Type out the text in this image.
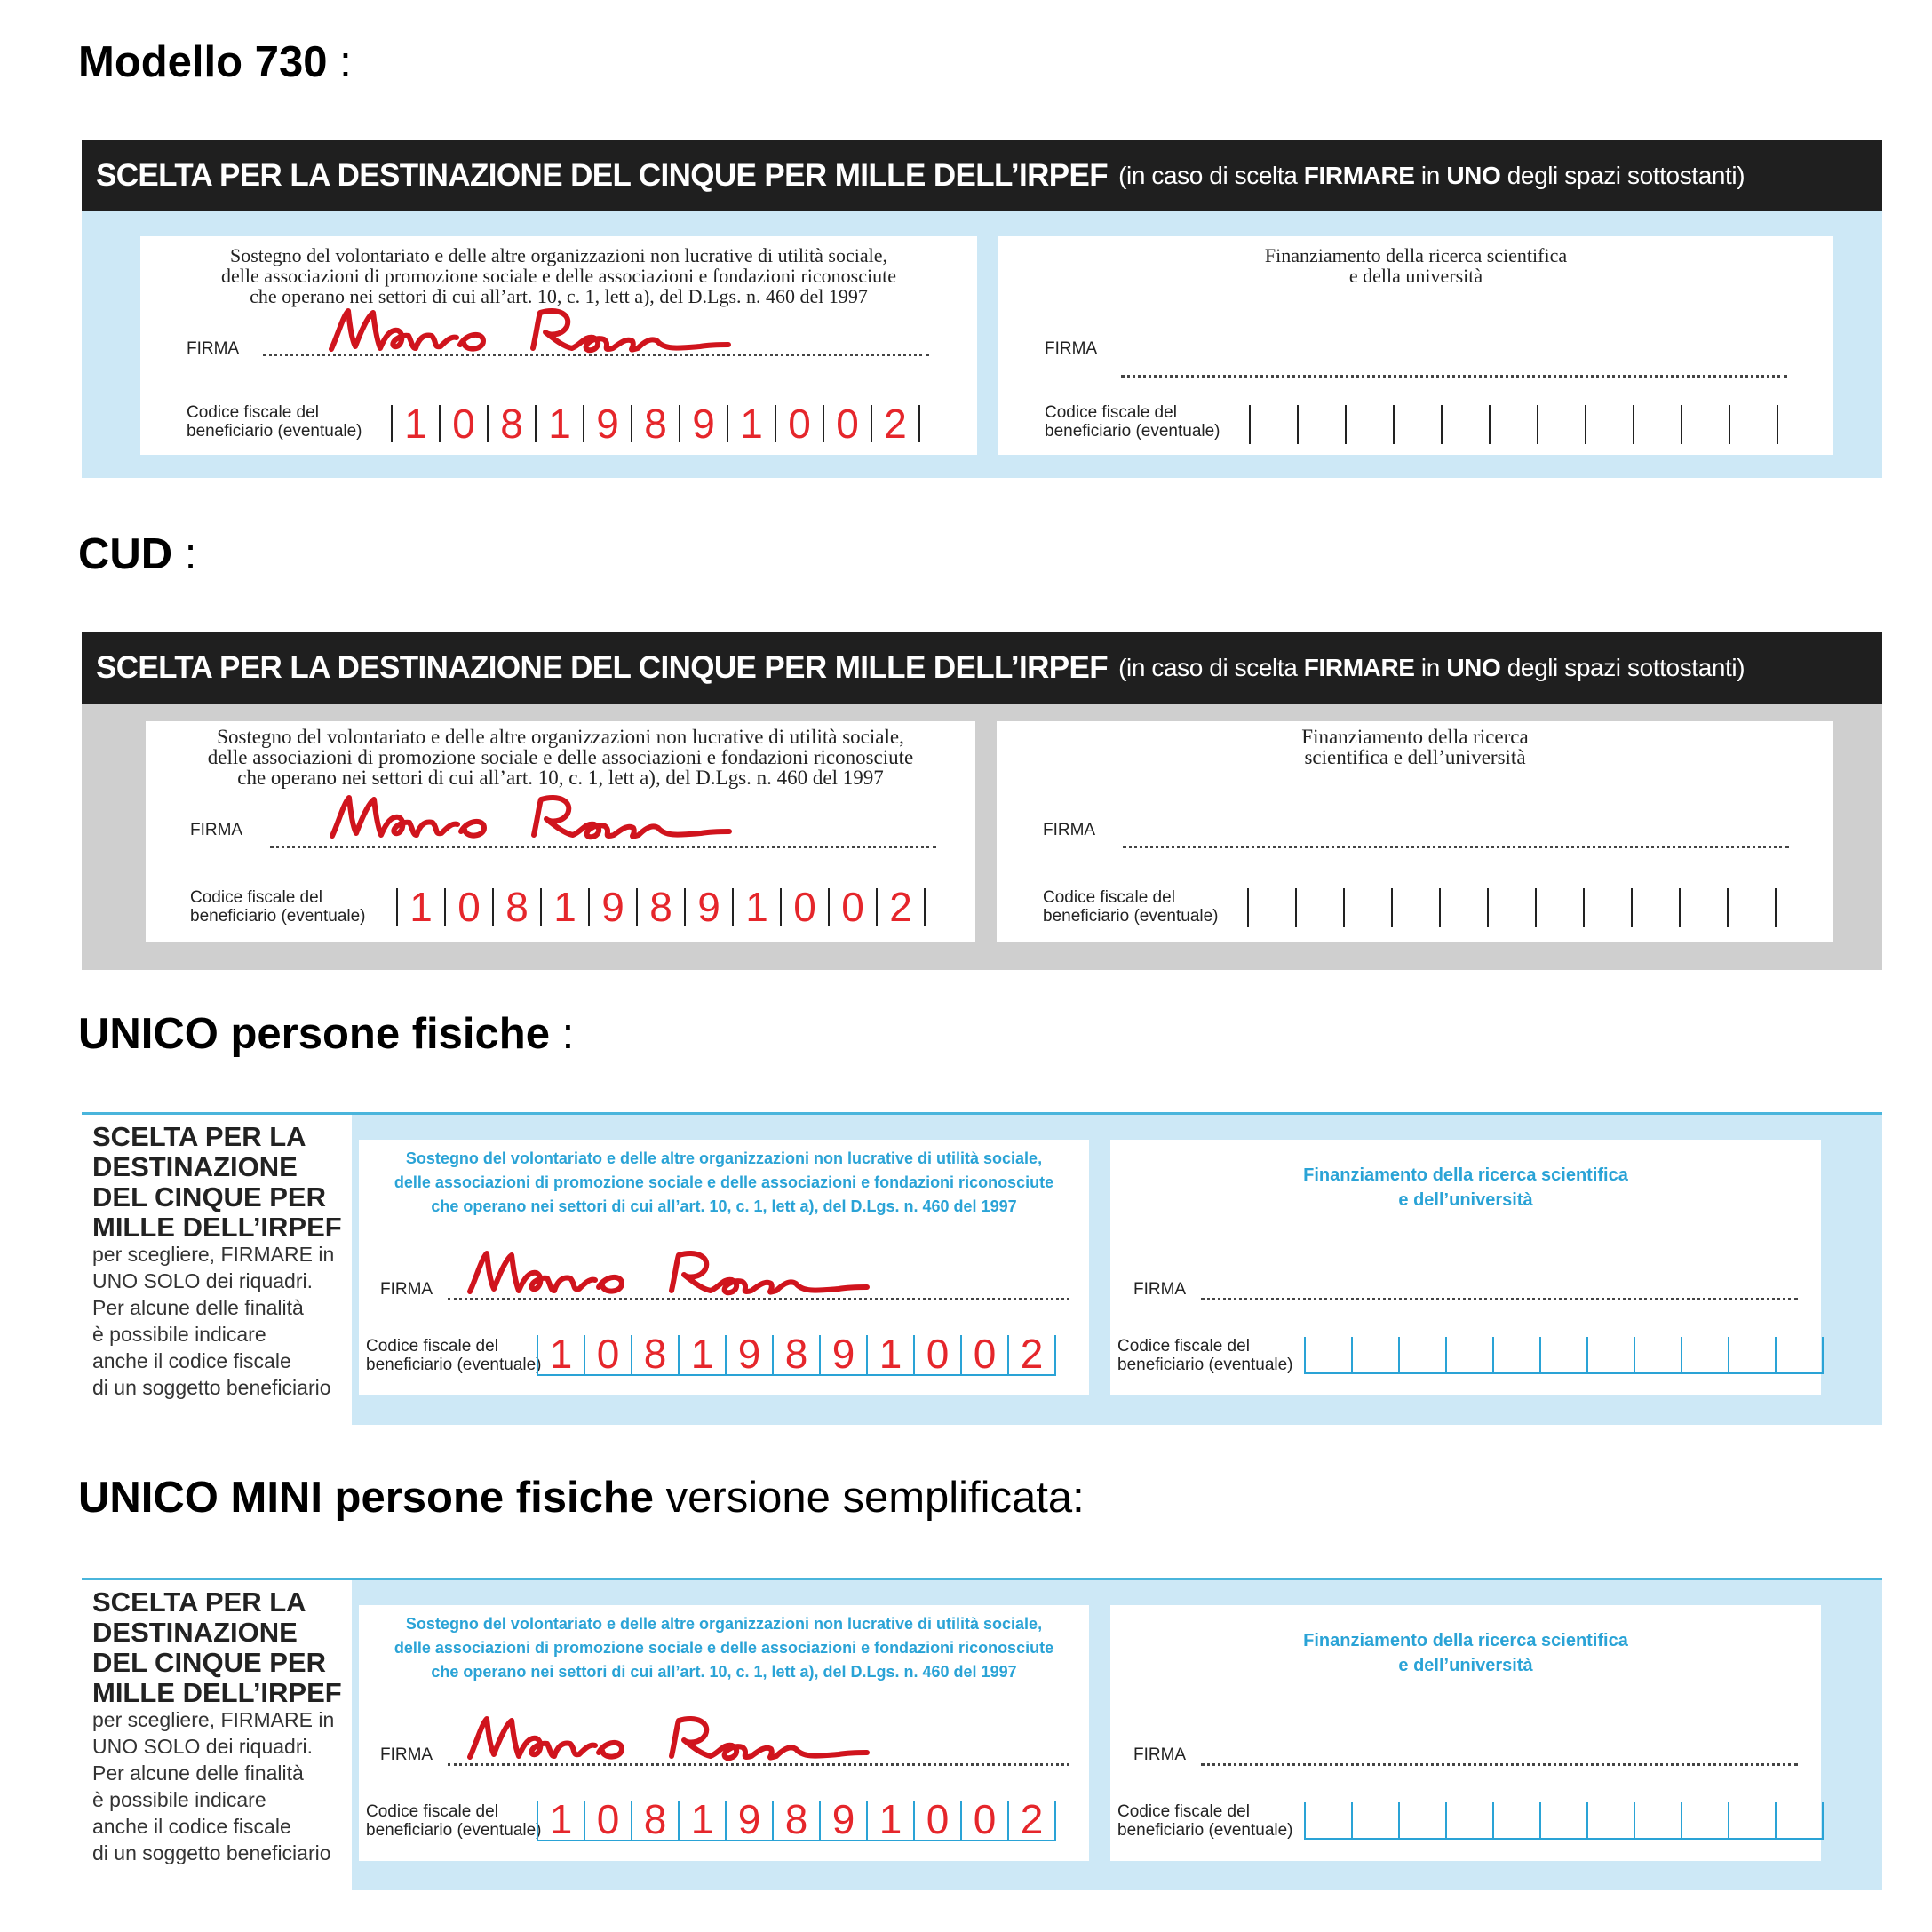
Modello 730 :
SCELTA PER LA DESTINAZIONE DEL CINQUE PER MILLE DELL’IRPEF (in caso di scelta FIRMARE in UNO degli spazi sottostanti)
Sostegno del volontariato e delle altre organizzazioni non lucrative di utilità sociale,
delle associazioni di promozione sociale e delle associazioni e fondazioni riconosciute
che operano nei settori di cui all’art. 10, c. 1, lett a), del D.Lgs. n. 460 del 1997
FIRMA
Codice fiscale del
beneficiario (eventuale) 1 0 8 1 9 8 9 1 0 0 2
Finanziamento della ricerca scientifica
e della università
FIRMA
Codice fiscale del
beneficiario (eventuale)
CUD :
SCELTA PER LA DESTINAZIONE DEL CINQUE PER MILLE DELL’IRPEF (in caso di scelta FIRMARE in UNO degli spazi sottostanti)
Sostegno del volontariato e delle altre organizzazioni non lucrative di utilità sociale,
delle associazioni di promozione sociale e delle associazioni e fondazioni riconosciute
che operano nei settori di cui all’art. 10, c. 1, lett a), del D.Lgs. n. 460 del 1997
FIRMA
Codice fiscale del
beneficiario (eventuale) 1 0 8 1 9 8 9 1 0 0 2
Finanziamento della ricerca
scientifica e dell’università
FIRMA
Codice fiscale del
beneficiario (eventuale)
UNICO persone fisiche :
SCELTA PER LA
DESTINAZIONE
DEL CINQUE PER
MILLE DELL’IRPEF
per scegliere, FIRMARE in
UNO SOLO dei riquadri.
Per alcune delle finalità
è possibile indicare
anche il codice fiscale
di un soggetto beneficiario
Sostegno del volontariato e delle altre organizzazioni non lucrative di utilità sociale,
delle associazioni di promozione sociale e delle associazioni e fondazioni riconosciute
che operano nei settori di cui all’art. 10, c. 1, lett a), del D.Lgs. n. 460 del 1997
FIRMA
Codice fiscale del
beneficiario (eventuale) 1 0 8 1 9 8 9 1 0 0 2
Finanziamento della ricerca scientifica
e dell’università
FIRMA
Codice fiscale del
beneficiario (eventuale)
UNICO MINI persone fisiche versione semplificata:
SCELTA PER LA
DESTINAZIONE
DEL CINQUE PER
MILLE DELL’IRPEF
per scegliere, FIRMARE in
UNO SOLO dei riquadri.
Per alcune delle finalità
è possibile indicare
anche il codice fiscale
di un soggetto beneficiario
Sostegno del volontariato e delle altre organizzazioni non lucrative di utilità sociale,
delle associazioni di promozione sociale e delle associazioni e fondazioni riconosciute
che operano nei settori di cui all’art. 10, c. 1, lett a), del D.Lgs. n. 460 del 1997
FIRMA
Codice fiscale del
beneficiario (eventuale) 1 0 8 1 9 8 9 1 0 0 2
Finanziamento della ricerca scientifica
e dell’università
FIRMA
Codice fiscale del
beneficiario (eventuale)
